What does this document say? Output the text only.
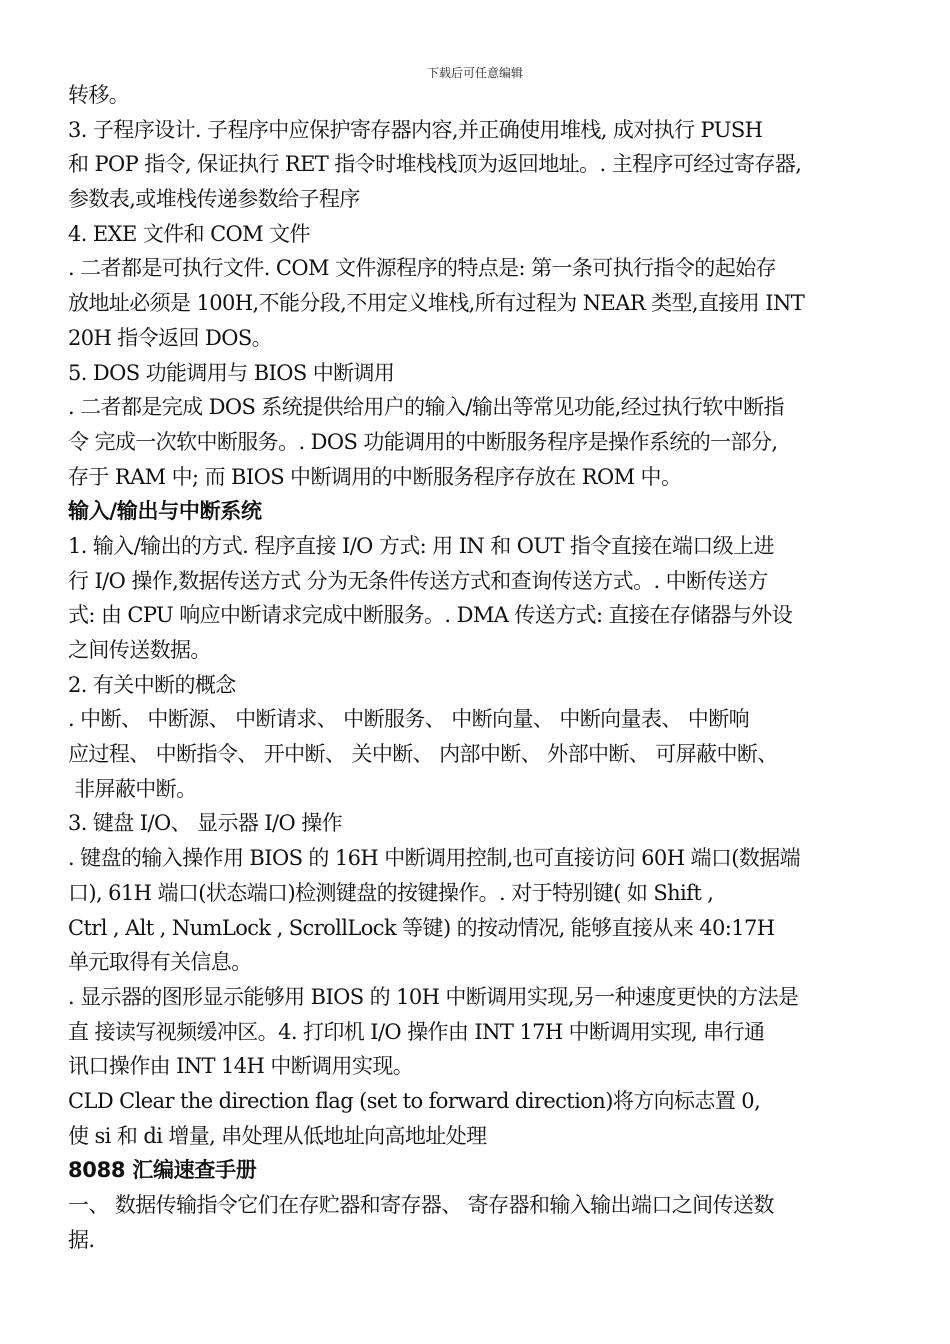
下载后可任意编辑
转移。
3. 子程序设计. 子程序中应保护寄存器内容,并正确使用堆栈, 成对执行 PUSH
和 POP 指令, 保证执行 RET 指令时堆栈栈顶为返回地址。. 主程序可经过寄存器,
参数表,或堆栈传递参数给子程序
4. EXE 文件和 COM 文件
. 二者都是可执行文件. COM 文件源程序的特点是: 第一条可执行指令的起始存
放地址必须是 100H,不能分段,不用定义堆栈,所有过程为 NEAR 类型,直接用 INT
20H 指令返回 DOS。
5. DOS 功能调用与 BIOS 中断调用
. 二者都是完成 DOS 系统提供给用户的输入/输出等常见功能,经过执行软中断指
令 完成一次软中断服务。. DOS 功能调用的中断服务程序是操作系统的一部分,
存于 RAM 中; 而 BIOS 中断调用的中断服务程序存放在 ROM 中。
输入/输出与中断系统
1. 输入/输出的方式. 程序直接 I/O 方式: 用 IN 和 OUT 指令直接在端口级上进
行 I/O 操作,数据传送方式 分为无条件传送方式和查询传送方式。. 中断传送方
式: 由 CPU 响应中断请求完成中断服务。. DMA 传送方式: 直接在存储器与外设
之间传送数据。
2. 有关中断的概念
. 中断、 中断源、 中断请求、 中断服务、 中断向量、 中断向量表、 中断响
应过程、 中断指令、 开中断、 关中断、 内部中断、 外部中断、 可屏蔽中断、
非屏蔽中断。
3. 键盘 I/O、 显示器 I/O 操作
. 键盘的输入操作用 BIOS 的 16H 中断调用控制,也可直接访问 60H 端口(数据端
口), 61H 端口(状态端口)检测键盘的按键操作。. 对于特别键( 如 Shift ,
Ctrl , Alt , NumLock , ScrollLock 等键) 的按动情况, 能够直接从来 40:17H
单元取得有关信息。
. 显示器的图形显示能够用 BIOS 的 10H 中断调用实现,另一种速度更快的方法是
直 接读写视频缓冲区。4. 打印机 I/O 操作由 INT 17H 中断调用实现, 串行通
讯口操作由 INT 14H 中断调用实现。
CLD Clear the direction flag (set to forward direction)将方向标志置 0,
使 si 和 di 增量, 串处理从低地址向高地址处理
8088 汇编速查手册
一、 数据传输指令它们在存贮器和寄存器、 寄存器和输入输出端口之间传送数
据.
